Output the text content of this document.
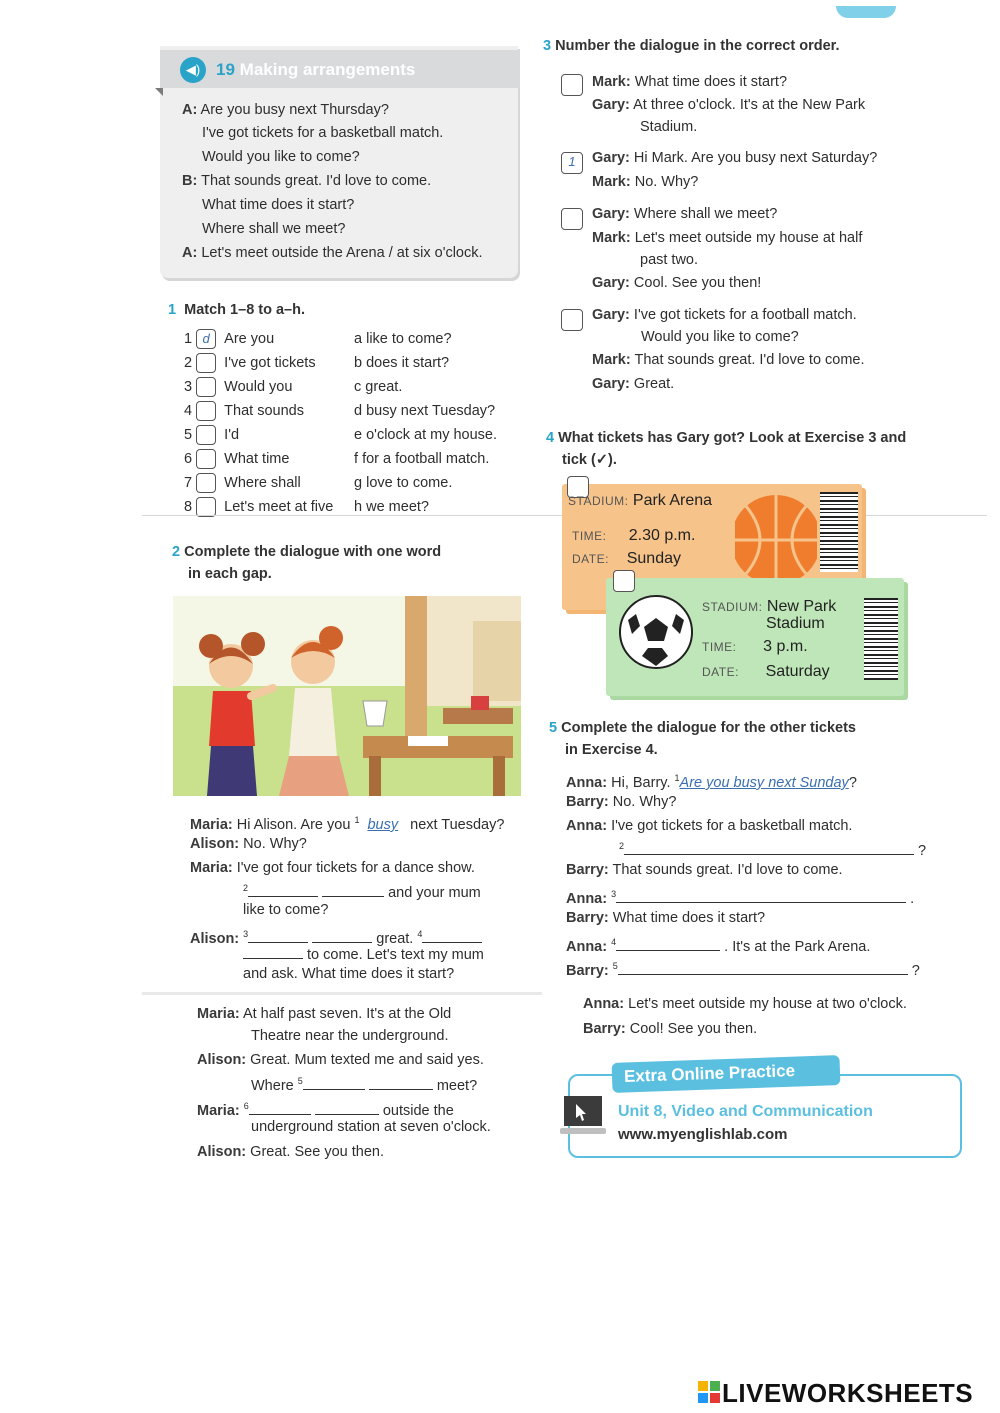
◀) 19 Making arrangements
A: Are you busy next Thursday?
I've got tickets for a basketball match.
Would you like to come?
B: That sounds great. I'd love to come.
What time does it start?
Where shall we meet?
A: Let's meet outside the Arena / at six o'clock.
1 Match 1–8 to a–h.
1 d Are you	a like to come?
2 I've got tickets	b does it start?
3 Would you	c great.
4 That sounds	d busy next Tuesday?
5 I'd	e o'clock at my house.
6 What time	f for a football match.
7 Where shall	g love to come.
8 Let's meet at five h we meet?
2 Complete the dialogue with one word
in each gap.
Maria: Hi Alison. Are you $^1$ busy next Tuesday?
Alison: No. Why?
Maria: I've got four tickets for a dance show.
$^2$	and your mum
like to come?
Alison: $^3$	great. $^4$
to come. Let's text my mum
and ask. What time does it start?
Maria: At half past seven. It's at the Old
Theatre near the underground.
Alison: Great. Mum texted me and said yes.
Where $^5$	meet?
Maria: $^6$	outside the
underground station at seven o'clock.
Alison: Great. See you then.
3 Number the dialogue in the correct order.
Mark: What time does it start?
Gary: At three o'clock. It's at the New Park
Stadium.
1	Gary: Hi Mark. Are you busy next Saturday?
Mark: No. Why?
Gary: Where shall we meet?
Mark: Let's meet outside my house at half
past two.
Gary: Cool. See you then!
Gary: I've got tickets for a football match.
Would you like to come?
Mark: That sounds great. I'd love to come.
Gary: Great.
4 What tickets has Gary got? Look at Exercise 3 and
tick (✓).
STADIUM: Park Arena
TIME: 2.30 p.m.
DATE: Sunday
STADIUM: New Park
Stadium
TIME: 3 p.m.
DATE: Saturday
5 Complete the dialogue for the other tickets
in Exercise 4.
Anna: Hi, Barry. $^1$Are you busy next Sunday?
Barry: No. Why?
Anna: I've got tickets for a basketball match.
$^2$	?
Barry: That sounds great. I'd love to come.
Anna: $^3$	.
Barry: What time does it start?
Anna: $^4$	. It's at the Park Arena.
Barry: $^5$	?
Anna: Let's meet outside my house at two o'clock.
Barry: Cool! See you then.
Extra Online Practice
Unit 8, Video and Communication
www.myenglishlab.com
LIVEWORKSHEETS
